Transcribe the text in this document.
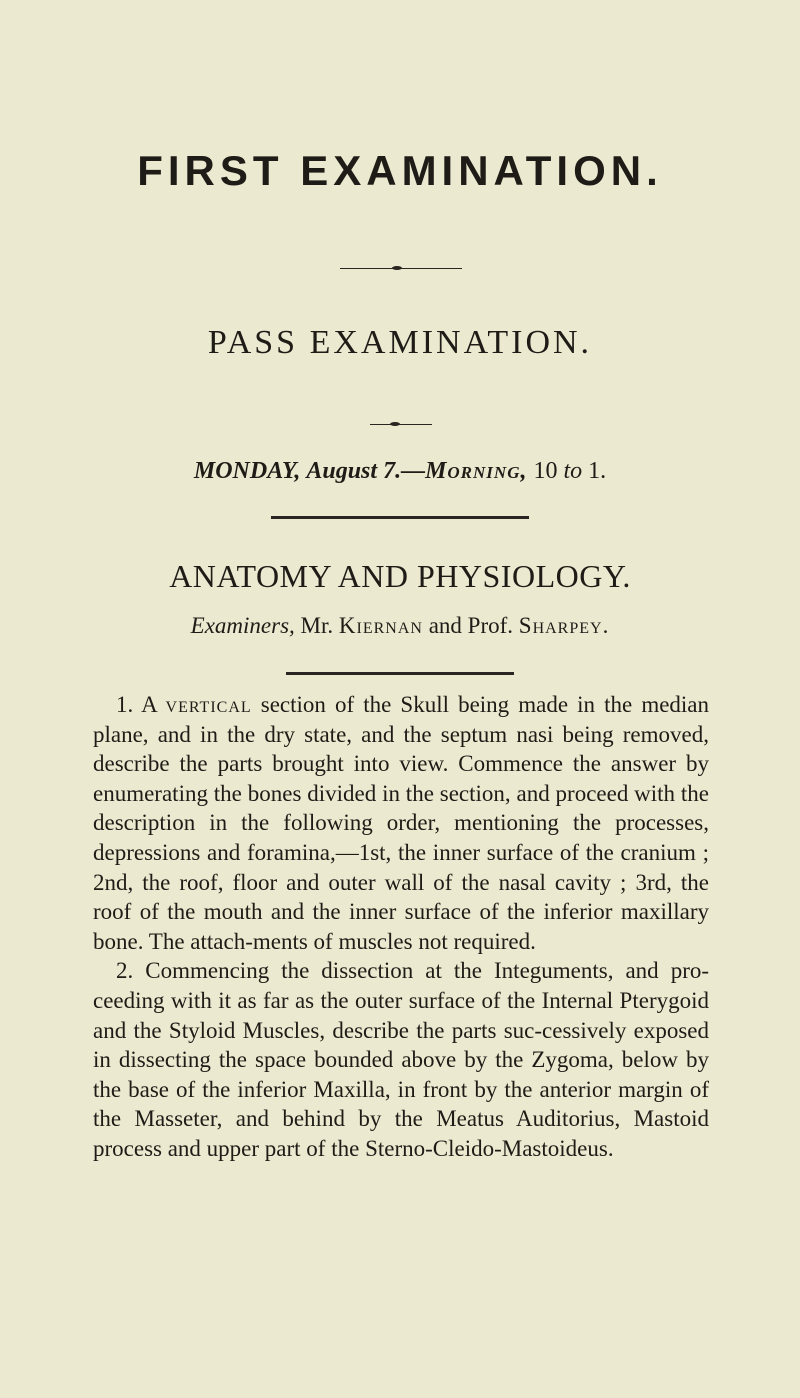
FIRST EXAMINATION.
PASS EXAMINATION.
MONDAY, August 7.—Morning, 10 to 1.
ANATOMY AND PHYSIOLOGY.
Examiners, Mr. Kiernan and Prof. Sharpey.

1. A vertical section of the Skull being made in the median plane, and in the dry state, and the septum nasi being removed, describe the parts brought into view. Commence the answer by enumerating the bones divided in the section, and proceed with the description in the following order, mentioning the processes, depressions and foramina,—1st, the inner surface of the cranium ; 2nd, the roof, floor and outer wall of the nasal cavity ; 3rd, the roof of the mouth and the inner surface of the inferior maxillary bone. The attach-ments of muscles not required.

2. Commencing the dissection at the Integuments, and pro-ceeding with it as far as the outer surface of the Internal Pterygoid and the Styloid Muscles, describe the parts suc-cessively exposed in dissecting the space bounded above by the Zygoma, below by the base of the inferior Maxilla, in front by the anterior margin of the Masseter, and behind by the Meatus Auditorius, Mastoid process and upper part of the Sterno-Cleido-Mastoideus.
